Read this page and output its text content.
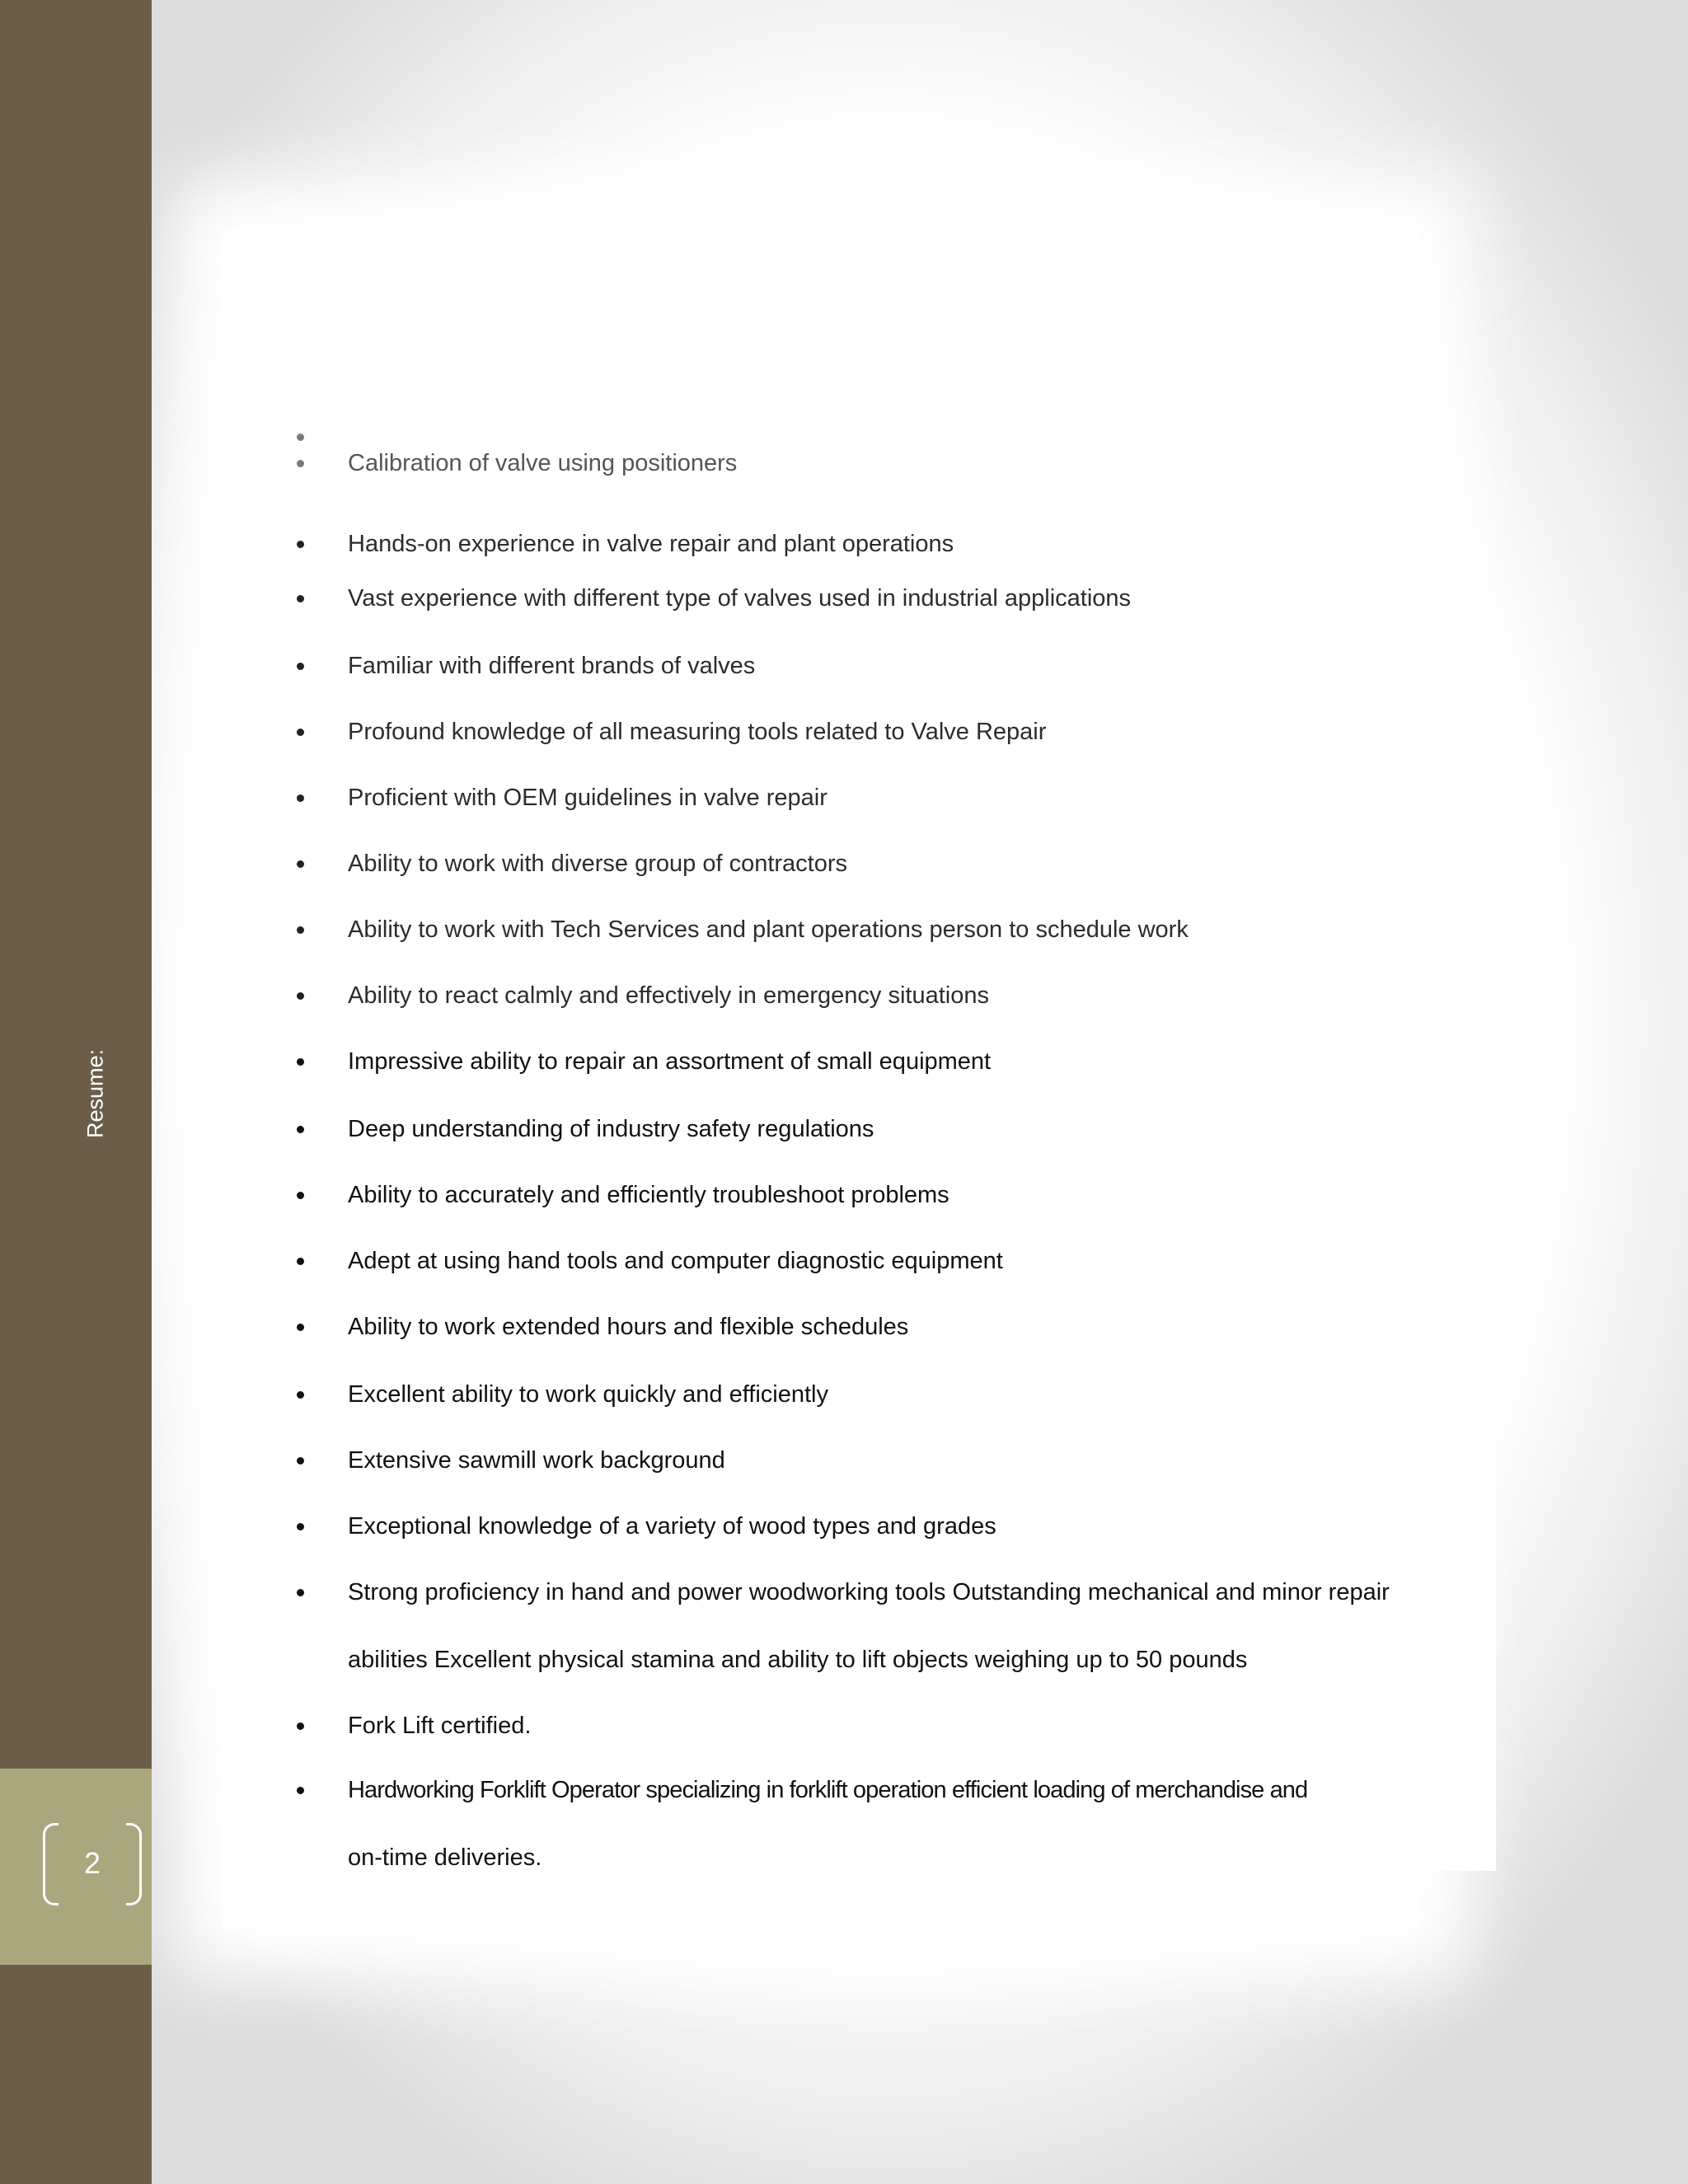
Resume:
2
Calibration of valve using positioners
Hands-on experience in valve repair and plant operations
Vast experience with different type of valves used in industrial applications
Familiar with different brands of valves
Profound knowledge of all measuring tools related to Valve Repair
Proficient with OEM guidelines in valve repair
Ability to work with diverse group of contractors
Ability to work with Tech Services and plant operations person to schedule work
Ability to react calmly and effectively in emergency situations
Impressive ability to repair an assortment of small equipment
Deep understanding of industry safety regulations
Ability to accurately and efficiently troubleshoot problems
Adept at using hand tools and computer diagnostic equipment
Ability to work extended hours and flexible schedules
Excellent ability to work quickly and efficiently
Extensive sawmill work background
Exceptional knowledge of a variety of wood types and grades
Strong proficiency in hand and power woodworking tools Outstanding mechanical and minor repair
abilities Excellent physical stamina and ability to lift objects weighing up to 50 pounds
Fork Lift certified.
Hardworking Forklift Operator specializing in forklift operation efficient loading of merchandise and
on-time deliveries.
